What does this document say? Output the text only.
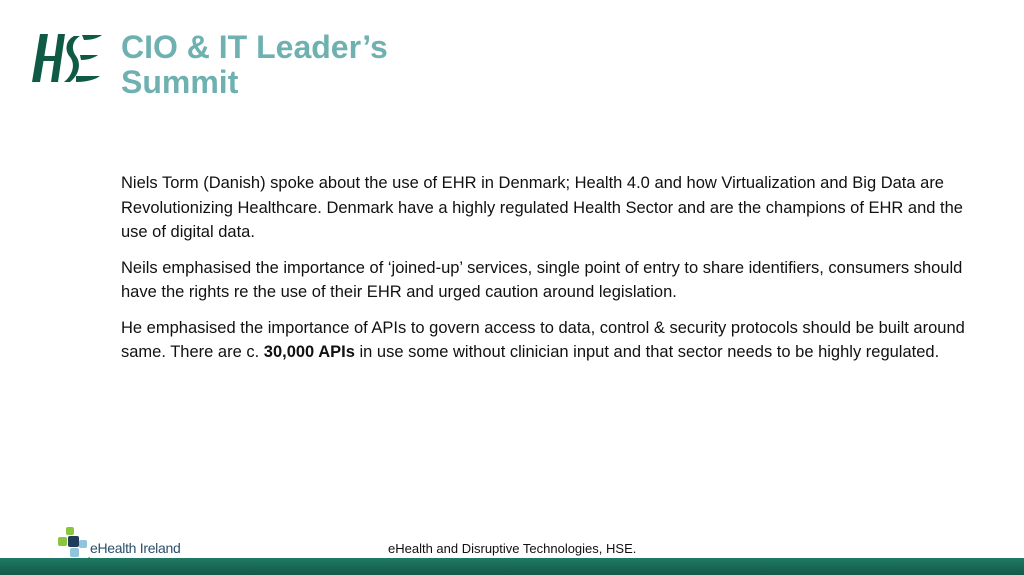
CIO & IT Leader’s
Summit

Niels Torm (Danish) spoke about the use of EHR in Denmark; Health 4.0 and how Virtualization and Big Data are Revolutionizing Healthcare. Denmark have a highly regulated Health Sector and are the champions of EHR and the use of digital data.

Neils emphasised the importance of ‘joined-up’ services, single point of entry to share identifiers, consumers should have the rights re the use of their EHR and urged caution around legislation.

He emphasised the importance of APIs to govern access to data, control & security protocols should be built around same. There are c. 30,000 APIs in use some without clinician input and that sector needs to be highly regulated.

eHealth Ireland	eHealth and Disruptive Technologies, HSE.
